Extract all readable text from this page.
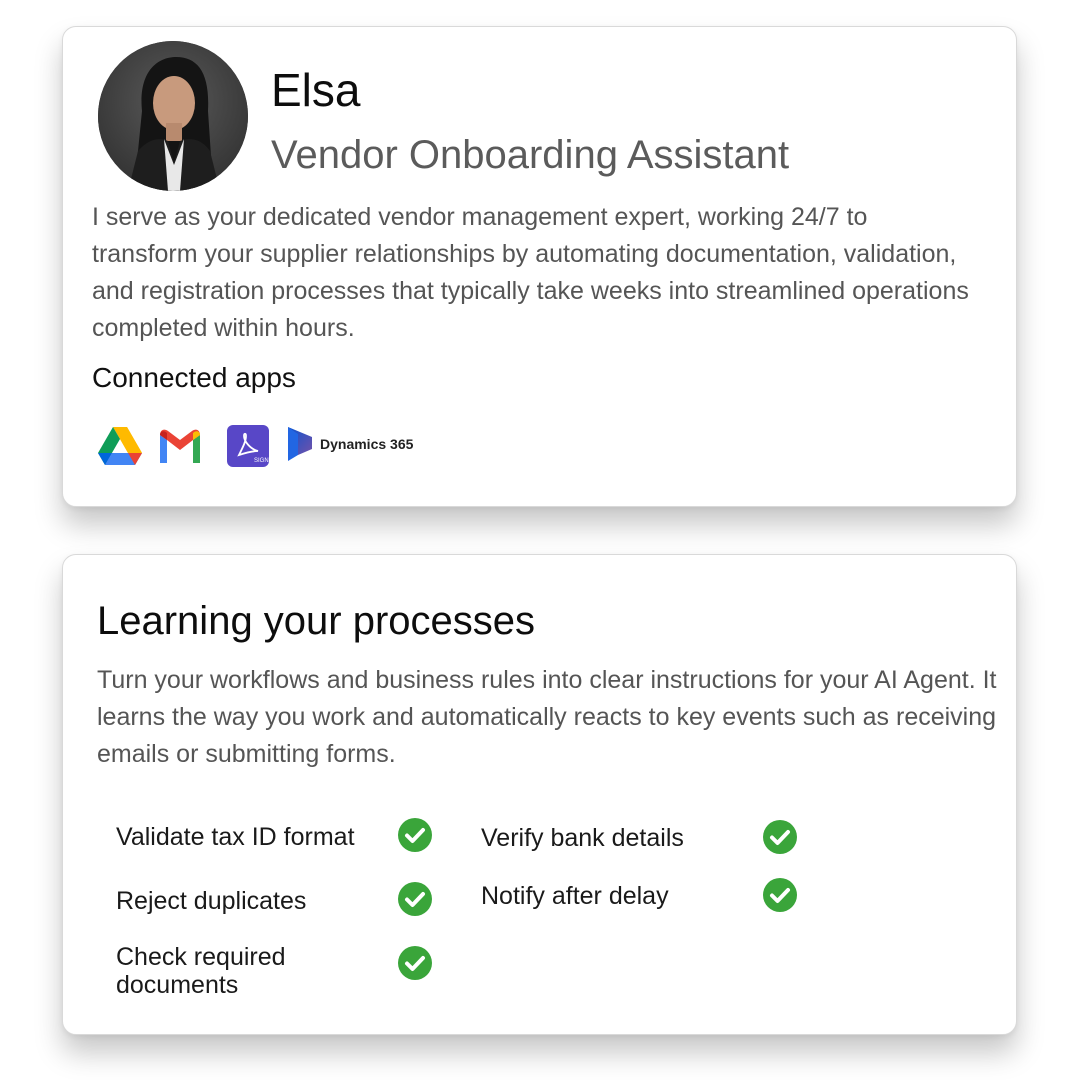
Elsa
Vendor Onboarding Assistant
I serve as your dedicated vendor management expert, working 24/7 to transform your supplier relationships by automating documentation, validation, and registration processes that typically take weeks into streamlined operations completed within hours.
Connected apps
SIGN
Dynamics 365
Learning your processes
Turn your workflows and business rules into clear instructions for your AI Agent. It learns the way you work and automatically reacts to key events such as receiving emails or submitting forms.
Validate tax ID format
Reject duplicates
Check required documents
Verify bank details
Notify after delay
